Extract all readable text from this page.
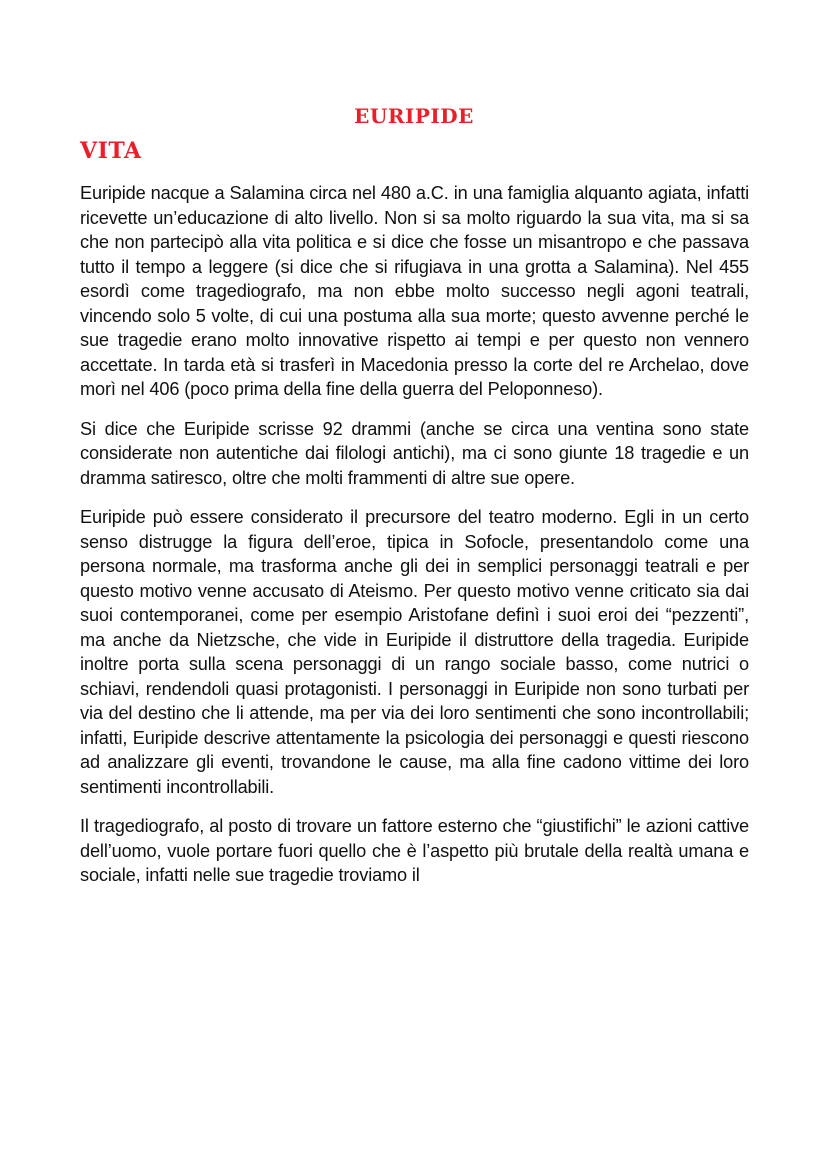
EURIPIDE
VITA

Euripide nacque a Salamina circa nel 480 a.C. in una famiglia alquanto agiata, infatti ricevette un’educazione di alto livello. Non si sa molto riguardo la sua vita, ma si sa che non partecipò alla vita politica e si dice che fosse un misantropo e che passava tutto il tempo a leggere (si dice che si rifugiava in una grotta a Salamina). Nel 455 esordì come tragediografo, ma non ebbe molto successo negli agoni teatrali, vincendo solo 5 volte, di cui una postuma alla sua morte; questo avvenne perché le sue tragedie erano molto innovative rispetto ai tempi e per questo non vennero accettate. In tarda età si trasferì in Macedonia presso la corte del re Archelao, dove morì nel 406 (poco prima della fine della guerra del Peloponneso).

Si dice che Euripide scrisse 92 drammi (anche se circa una ventina sono state considerate non autentiche dai filologi antichi), ma ci sono giunte 18 tragedie e un dramma satiresco, oltre che molti frammenti di altre sue opere.

Euripide può essere considerato il precursore del teatro moderno. Egli in un certo senso distrugge la figura dell’eroe, tipica in Sofocle, presentandolo come una persona normale, ma trasforma anche gli dei in semplici personaggi teatrali e per questo motivo venne accusato di Ateismo. Per questo motivo venne criticato sia dai suoi contemporanei, come per esempio Aristofane definì i suoi eroi dei “pezzenti”, ma anche da Nietzsche, che vide in Euripide il distruttore della tragedia. Euripide inoltre porta sulla scena personaggi di un rango sociale basso, come nutrici o schiavi, rendendoli quasi protagonisti. I personaggi in Euripide non sono turbati per via del destino che li attende, ma per via dei loro sentimenti che sono incontrollabili; infatti, Euripide descrive attentamente la psicologia dei personaggi e questi riescono ad analizzare gli eventi, trovandone le cause, ma alla fine cadono vittime dei loro sentimenti incontrollabili.

Il tragediografo, al posto di trovare un fattore esterno che “giustifichi” le azioni cattive dell’uomo, vuole portare fuori quello che è l’aspetto più brutale della realtà umana e sociale, infatti nelle sue tragedie troviamo il
